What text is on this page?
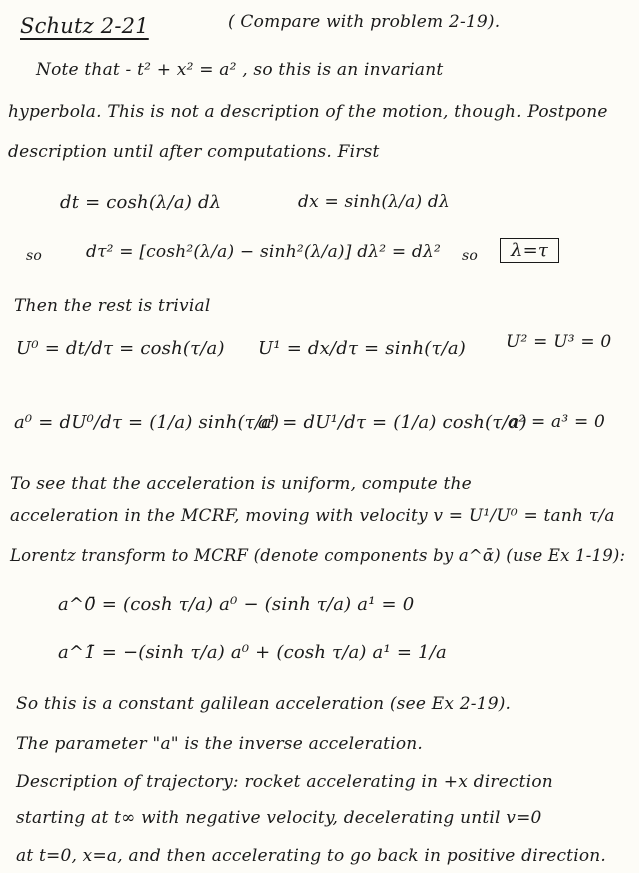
Schutz 2-21	( Compare with problem 2-19).
Note that - t² + x² = a² , so this is an invariant
hyperbola. This is not a description of the motion, though. Postpone
description until after computations. First
dt = cosh(λ/a) dλ	dx = sinh(λ/a) dλ
so	dτ² = [cosh²(λ/a) − sinh²(λ/a)] dλ² = dλ² so	λ=τ
Then the rest is trivial
U⁰ = dt/dτ = cosh(τ/a) U¹ = dx/dτ = sinh(τ/a) U² = U³ = 0
a⁰ = dU⁰/dτ = (1/a) sinh(τ/a)
a¹ = dU¹/dτ = (1/a) cosh(τ/a)
a² = a³ = 0
To see that the acceleration is uniform, compute the
acceleration in the MCRF, moving with velocity v = U¹/U⁰ = tanh τ/a
Lorentz transform to MCRF (denote components by a^ᾱ) (use Ex 1-19):
a^0̄ = (cosh τ/a) a⁰ − (sinh τ/a) a¹ = 0
a^1̄ = −(sinh τ/a) a⁰ + (cosh τ/a) a¹ = 1/a
So this is a constant galilean acceleration (see Ex 2-19).
The parameter "a" is the inverse acceleration.
Description of trajectory: rocket accelerating in +x direction
starting at t∞ with negative velocity, decelerating until v=0
at t=0, x=a, and then accelerating to go back in positive direction.
